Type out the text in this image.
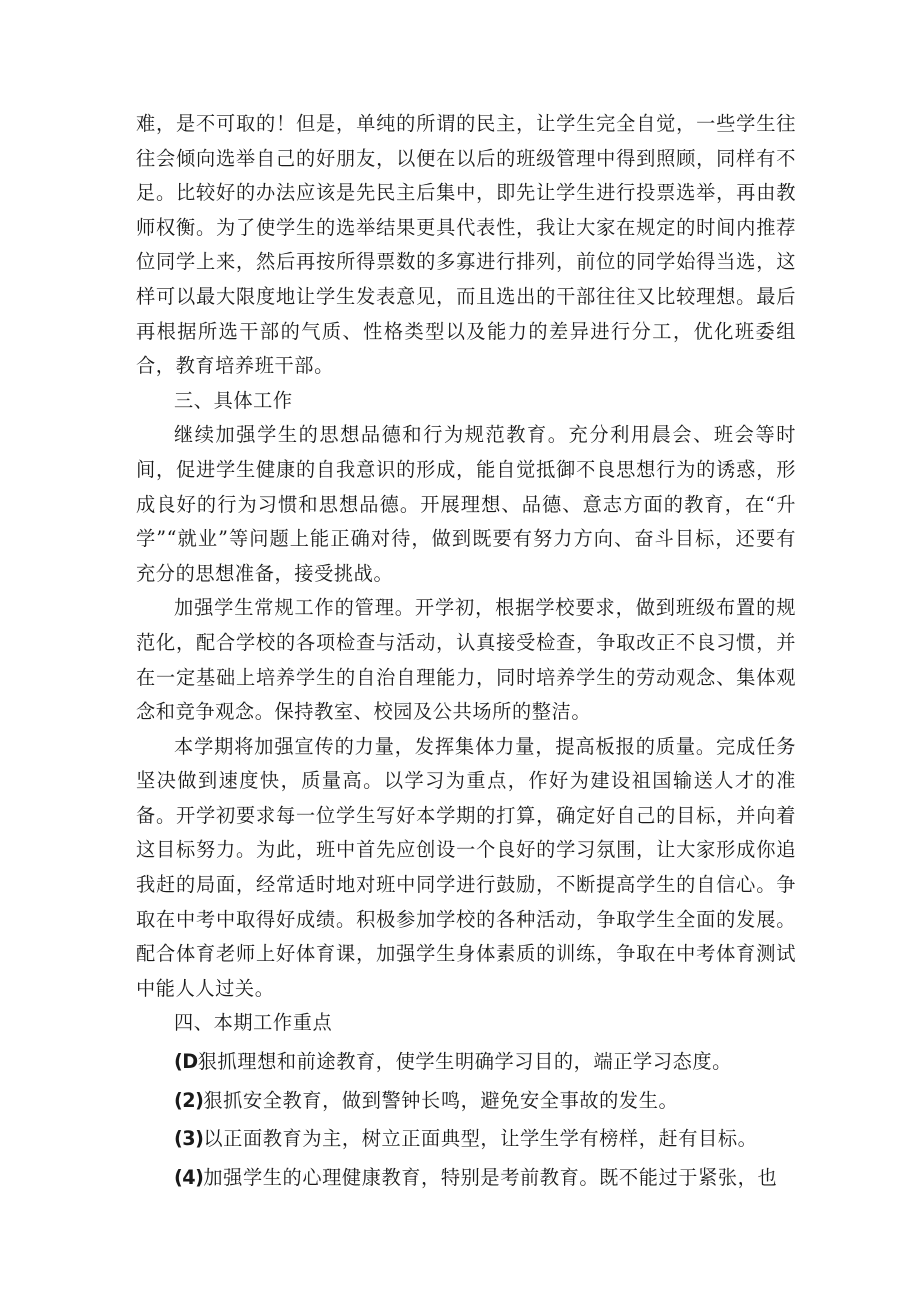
难，是不可取的！但是，单纯的所谓的民主，让学生完全自觉，一些学生往往会倾向选举自己的好朋友，以便在以后的班级管理中得到照顾，同样有不足。比较好的办法应该是先民主后集中，即先让学生进行投票选举，再由教师权衡。为了使学生的选举结果更具代表性，我让大家在规定的时间内推荐位同学上来，然后再按所得票数的多寡进行排列，前位的同学始得当选，这样可以最大限度地让学生发表意见，而且选出的干部往往又比较理想。最后再根据所选干部的气质、性格类型以及能力的差异进行分工，优化班委组合，教育培养班干部。

三、具体工作

继续加强学生的思想品德和行为规范教育。充分利用晨会、班会等时间，促进学生健康的自我意识的形成，能自觉抵御不良思想行为的诱惑，形成良好的行为习惯和思想品德。开展理想、品德、意志方面的教育，在“升学”“就业”等问题上能正确对待，做到既要有努力方向、奋斗目标，还要有充分的思想准备，接受挑战。

加强学生常规工作的管理。开学初，根据学校要求，做到班级布置的规范化，配合学校的各项检查与活动，认真接受检查，争取改正不良习惯，并在一定基础上培养学生的自治自理能力，同时培养学生的劳动观念、集体观念和竞争观念。保持教室、校园及公共场所的整洁。

本学期将加强宣传的力量，发挥集体力量，提高板报的质量。完成任务坚决做到速度快，质量高。以学习为重点，作好为建设祖国输送人才的准备。开学初要求每一位学生写好本学期的打算，确定好自己的目标，并向着这目标努力。为此，班中首先应创设一个良好的学习氛围，让大家形成你追我赶的局面，经常适时地对班中同学进行鼓励，不断提高学生的自信心。争取在中考中取得好成绩。积极参加学校的各种活动，争取学生全面的发展。配合体育老师上好体育课，加强学生身体素质的训练，争取在中考体育测试中能人人过关。

四、本期工作重点

(D狠抓理想和前途教育，使学生明确学习目的，端正学习态度。

(2)狠抓安全教育，做到警钟长鸣，避免安全事故的发生。

(3)以正面教育为主，树立正面典型，让学生学有榜样，赶有目标。

(4)加强学生的心理健康教育，特别是考前教育。既不能过于紧张，也
